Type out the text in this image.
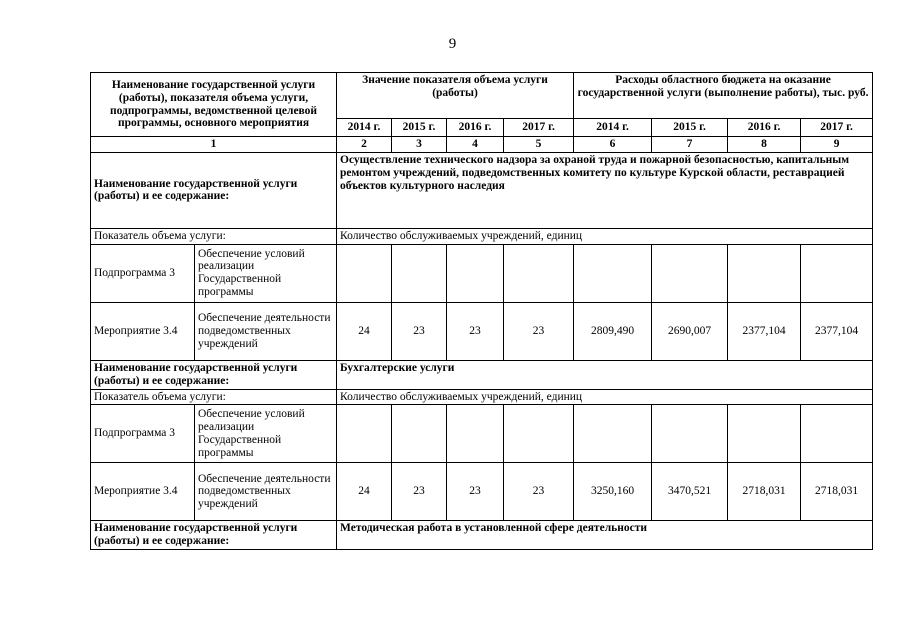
9
Наименование государственной услуги (работы), показателя объема услуги, подпрограммы, ведомственной целевой программы, основного мероприятия		Значение показателя объема услуги (работы)				Расходы областного бюджета на оказание государственной услуги (выполнение работы), тыс. руб.			
		2014 г.	2015 г.	2016 г.	2017 г.	2014 г.	2015 г.	2016 г.	2017 г.
1		2	3	4	5	6	7	8	9
Наименование государственной услуги (работы) и ее содержание:		Осуществление технического надзора за охраной труда и пожарной безопасностью, капитальным ремонтом учреждений, подведомственных комитету по культуре Курской области, реставрацией объектов культурного наследия							
Показатель объема услуги:		Количество обслуживаемых учреждений, единиц							
Подпрограмма 3	Обеспечение условий реализации Государственной программы								
Мероприятие 3.4	Обеспечение деятельности подведомственных учреждений	24	23	23	23	2809,490	2690,007	2377,104	2377,104
Наименование государственной услуги (работы) и ее содержание:		Бухгалтерские услуги							
Показатель объема услуги:		Количество обслуживаемых учреждений, единиц							
Подпрограмма 3	Обеспечение условий реализации Государственной программы								
Мероприятие 3.4	Обеспечение деятельности подведомственных учреждений	24	23	23	23	3250,160	3470,521	2718,031	2718,031
Наименование государственной услуги (работы) и ее содержание:		Методическая работа в установленной сфере деятельности							
